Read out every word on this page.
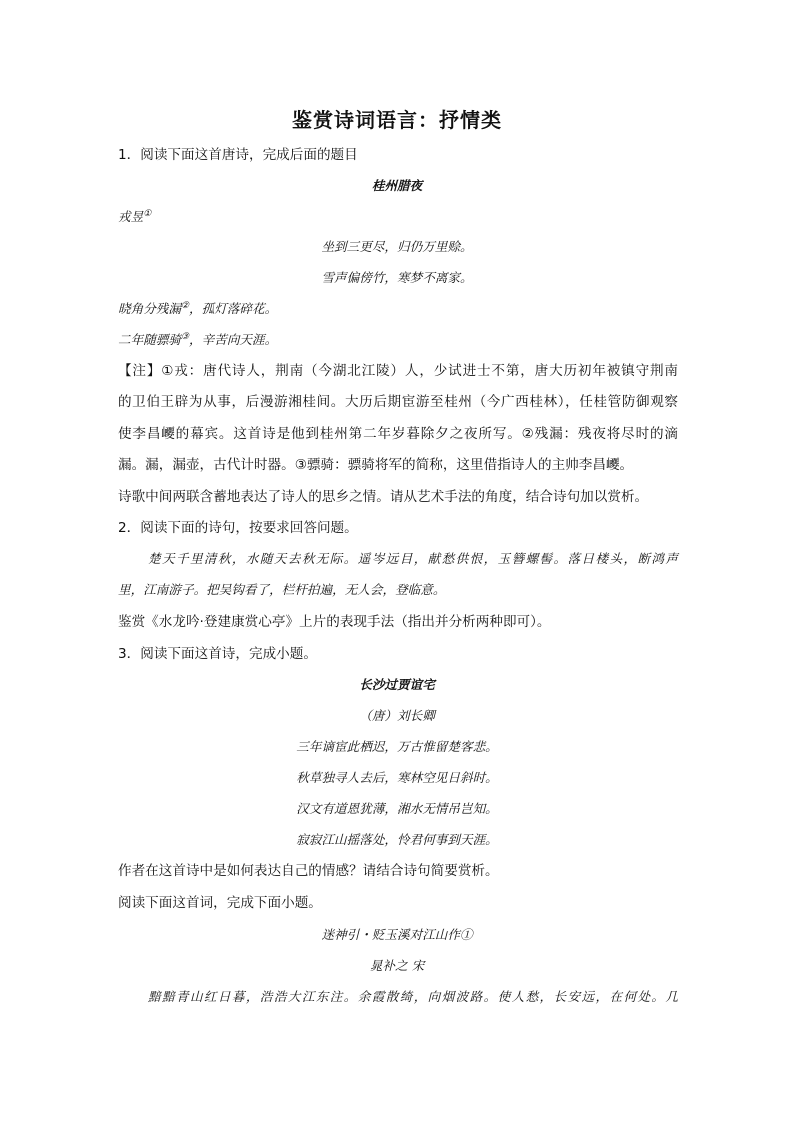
鉴赏诗词语言：抒情类
1．阅读下面这首唐诗，完成后面的题目
桂州腊夜
戎昱①
坐到三更尽，归仍万里赊。
雪声偏傍竹，寒梦不离家。
晓角分残漏②，孤灯落碎花。
二年随骠骑③，辛苦向天涯。
【注】①戎：唐代诗人，荆南（今湖北江陵）人，少试进士不第，唐大历初年被镇守荆南
的卫伯王辟为从事，后漫游湘桂间。大历后期宦游至桂州（今广西桂林），任桂管防御观察
使李昌巎的幕宾。这首诗是他到桂州第二年岁暮除夕之夜所写。②残漏：残夜将尽时的滴
漏。漏，漏壶，古代计时器。③骠骑：骠骑将军的简称，这里借指诗人的主帅李昌巎。
诗歌中间两联含蓄地表达了诗人的思乡之情。请从艺术手法的角度，结合诗句加以赏析。
2．阅读下面的诗句，按要求回答问题。
楚天千里清秋，水随天去秋无际。遥岑远目，献愁供恨，玉簪螺髻。落日楼头，断鸿声
里，江南游子。把吴钩看了，栏杆拍遍，无人会，登临意。
鉴赏《水龙吟·登建康赏心亭》上片的表现手法（指出并分析两种即可）。
3．阅读下面这首诗，完成小题。
长沙过贾谊宅
（唐）刘长卿
三年谪宦此栖迟，万古惟留楚客悲。
秋草独寻人去后，寒林空见日斜时。
汉文有道恩犹薄，湘水无情吊岂知。
寂寂江山摇落处，怜君何事到天涯。
作者在这首诗中是如何表达自己的情感？请结合诗句简要赏析。
阅读下面这首词，完成下面小题。
迷神引・贬玉溪对江山作①
晁补之 宋
黯黯青山红日暮，浩浩大江东注。余霞散绮，向烟波路。使人愁，长安远，在何处。几
